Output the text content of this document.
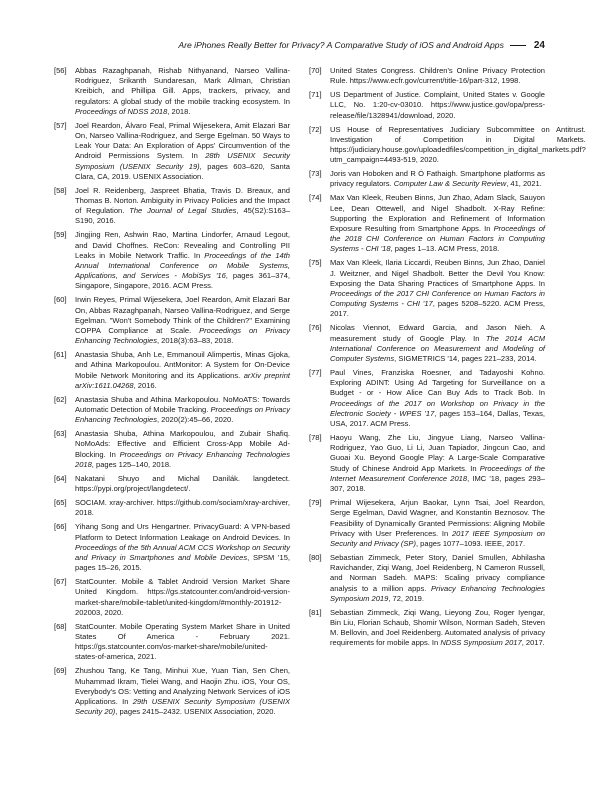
Are iPhones Really Better for Privacy? A Comparative Study of iOS and Android Apps	24
[56]	Abbas Razaghpanah, Rishab Nithyanand, Narseo Vallina-Rodriguez, Srikanth Sundaresan, Mark Allman, Christian Kreibich, and Phillipa Gill. Apps, trackers, privacy, and regulators: A global study of the mobile tracking ecosystem. In Proceedings of NDSS 2018, 2018.
[57]	Joel Reardon, Álvaro Feal, Primal Wijesekera, Amit Elazari Bar On, Narseo Vallina-Rodriguez, and Serge Egelman. 50 Ways to Leak Your Data: An Exploration of Apps' Circumvention of the Android Permissions System. In 28th USENIX Security Symposium (USENIX Security 19), pages 603–620, Santa Clara, CA, 2019. USENIX Association.
[58]	Joel R. Reidenberg, Jaspreet Bhatia, Travis D. Breaux, and Thomas B. Norton. Ambiguity in Privacy Policies and the Impact of Regulation. The Journal of Legal Studies, 45(S2):S163–S190, 2016.
[59]	Jingjing Ren, Ashwin Rao, Martina Lindorfer, Arnaud Legout, and David Choffnes. ReCon: Revealing and Controlling PII Leaks in Mobile Network Traffic. In Proceedings of the 14th Annual International Conference on Mobile Systems, Applications, and Services - MobiSys '16, pages 361–374, Singapore, Singapore, 2016. ACM Press.
[60]	Irwin Reyes, Primal Wijesekera, Joel Reardon, Amit Elazari Bar On, Abbas Razaghpanah, Narseo Vallina-Rodriguez, and Serge Egelman. "Won't Somebody Think of the Children?" Examining COPPA Compliance at Scale. Proceedings on Privacy Enhancing Technologies, 2018(3):63–83, 2018.
[61]	Anastasia Shuba, Anh Le, Emmanouil Alimpertis, Minas Gjoka, and Athina Markopoulou. AntMonitor: A System for On-Device Mobile Network Monitoring and its Applications. arXiv preprint arXiv:1611.04268, 2016.
[62]	Anastasia Shuba and Athina Markopoulou. NoMoATS: Towards Automatic Detection of Mobile Tracking. Proceedings on Privacy Enhancing Technologies, 2020(2):45–66, 2020.
[63]	Anastasia Shuba, Athina Markopoulou, and Zubair Shafiq. NoMoAds: Effective and Efficient Cross-App Mobile Ad-Blocking. In Proceedings on Privacy Enhancing Technologies 2018, pages 125–140, 2018.
[64]	Nakatani Shuyo and Michal Danilák. langdetect. https://pypi.org/project/langdetect/.
[65]	SOCIAM. xray-archiver. https://github.com/sociam/xray-archiver, 2018.
[66]	Yihang Song and Urs Hengartner. PrivacyGuard: A VPN-based Platform to Detect Information Leakage on Android Devices. In Proceedings of the 5th Annual ACM CCS Workshop on Security and Privacy in Smartphones and Mobile Devices, SPSM '15, pages 15–26, 2015.
[67]	StatCounter. Mobile & Tablet Android Version Market Share United Kingdom. https://gs.statcounter.com/android-version-market-share/mobile-tablet/united-kingdom/#monthly-201912-202003, 2020.
[68]	StatCounter. Mobile Operating System Market Share in United States Of America - February 2021. https://gs.statcounter.com/os-market-share/mobile/united-states-of-america, 2021.
[69]	Zhushou Tang, Ke Tang, Minhui Xue, Yuan Tian, Sen Chen, Muhammad Ikram, Tielei Wang, and Haojin Zhu. iOS, Your OS, Everybody's OS: Vetting and Analyzing Network Services of iOS Applications. In 29th USENIX Security Symposium (USENIX Security 20), pages 2415–2432. USENIX Association, 2020.
[70]	United States Congress. Children's Online Privacy Protection Rule. https://www.ecfr.gov/current/title-16/part-312, 1998.
[71]	US Department of Justice. Complaint, United States v. Google LLC, No. 1:20-cv-03010. https://www.justice.gov/opa/press-release/file/1328941/download, 2020.
[72]	US House of Representatives Judiciary Subcommittee on Antitrust. Investigation of Competition in Digital Markets. https://judiciary.house.gov/uploadedfiles/competition_in_digital_markets.pdf?utm_campaign=4493-519, 2020.
[73]	Joris van Hoboken and R Ó Fathaigh. Smartphone platforms as privacy regulators. Computer Law & Security Review, 41, 2021.
[74]	Max Van Kleek, Reuben Binns, Jun Zhao, Adam Slack, Sauyon Lee, Dean Ottewell, and Nigel Shadbolt. X-Ray Refine: Supporting the Exploration and Refinement of Information Exposure Resulting from Smartphone Apps. In Proceedings of the 2018 CHI Conference on Human Factors in Computing Systems - CHI '18, pages 1–13. ACM Press, 2018.
[75]	Max Van Kleek, Ilaria Liccardi, Reuben Binns, Jun Zhao, Daniel J. Weitzner, and Nigel Shadbolt. Better the Devil You Know: Exposing the Data Sharing Practices of Smartphone Apps. In Proceedings of the 2017 CHI Conference on Human Factors in Computing Systems - CHI '17, pages 5208–5220. ACM Press, 2017.
[76]	Nicolas Viennot, Edward Garcia, and Jason Nieh. A measurement study of Google Play. In The 2014 ACM International Conference on Measurement and Modeling of Computer Systems, SIGMETRICS '14, pages 221–233, 2014.
[77]	Paul Vines, Franziska Roesner, and Tadayoshi Kohno. Exploring ADINT: Using Ad Targeting for Surveillance on a Budget - or - How Alice Can Buy Ads to Track Bob. In Proceedings of the 2017 on Workshop on Privacy in the Electronic Society - WPES '17, pages 153–164, Dallas, Texas, USA, 2017. ACM Press.
[78]	Haoyu Wang, Zhe Liu, Jingyue Liang, Narseo Vallina-Rodriguez, Yao Guo, Li Li, Juan Tapiador, Jingcun Cao, and Guoai Xu. Beyond Google Play: A Large-Scale Comparative Study of Chinese Android App Markets. In Proceedings of the Internet Measurement Conference 2018, IMC '18, pages 293–307, 2018.
[79]	Primal Wijesekera, Arjun Baokar, Lynn Tsai, Joel Reardon, Serge Egelman, David Wagner, and Konstantin Beznosov. The Feasibility of Dynamically Granted Permissions: Aligning Mobile Privacy with User Preferences. In 2017 IEEE Symposium on Security and Privacy (SP), pages 1077–1093. IEEE, 2017.
[80]	Sebastian Zimmeck, Peter Story, Daniel Smullen, Abhilasha Ravichander, Ziqi Wang, Joel Reidenberg, N Cameron Russell, and Norman Sadeh. MAPS: Scaling privacy compliance analysis to a million apps. Privacy Enhancing Technologies Symposium 2019, 72, 2019.
[81]	Sebastian Zimmeck, Ziqi Wang, Lieyong Zou, Roger Iyengar, Bin Liu, Florian Schaub, Shomir Wilson, Norman Sadeh, Steven M. Bellovin, and Joel Reidenberg. Automated analysis of privacy requirements for mobile apps. In NDSS Symposium 2017, 2017.
